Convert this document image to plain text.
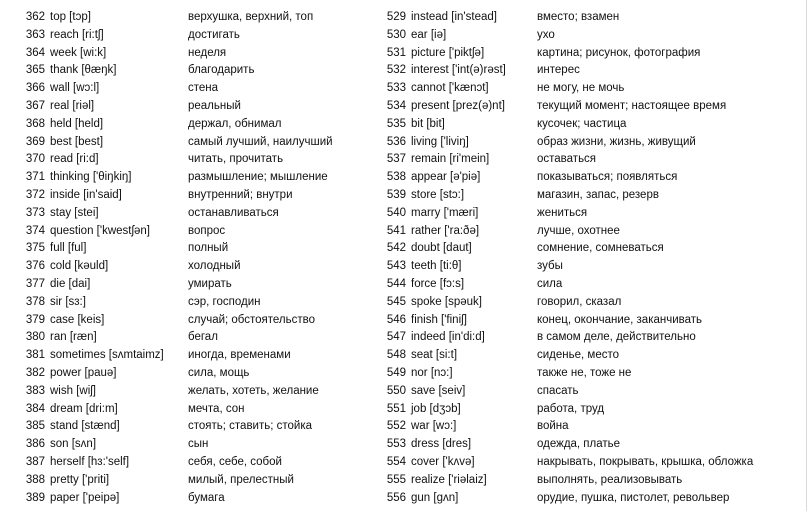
362 top [tɔp]	верхушка, верхний, топ
363 reach [ri:tʃ]	достигать
364 week [wi:k]	неделя
365 thank [θæŋk]	благодарить
366 wall [wɔ:l]	стена
367 real [riəl]	реальный
368 held [held]	держал, обнимал
369 best [best]	самый лучший, наилучший
370 read [ri:d]	читать, прочитать
371 thinking ['θiŋkiŋ]	размышление; мышление
372 inside [in'said]	внутренний; внутри
373 stay [stei]	останавливаться
374 question ['kwestʃən]	вопрос
375 full [ful]	полный
376 cold [kəuld]	холодный
377 die [dai]	умирать
378 sir [sɜ:]	сэр, господин
379 case [keis]	случай; обстоятельство
380 ran [ræn]	бегал
381 sometimes [sʌmtaimz] иногда, временами
382 power [pauə]	сила, мощь
383 wish [wiʃ]	желать, хотеть, желание
384 dream [dri:m]	мечта, сон
385 stand [stænd]	стоять; ставить; стойка
386 son [sʌn]	сын
387 herself [hɜ:'self]	себя, себе, собой
388 pretty ['priti]	милый, прелестный
389 paper ['peipə]	бумага
529 instead [in'stead]	вместо; взамен
530 ear [iə]	ухо
531 picture ['piktʃə]	картина; рисунок, фотография
532 interest ['int(ə)rəst]	интерес
533 cannot ['kænɔt]	не могу, не мочь
534 present [prez(ə)nt]	текущий момент; настоящее время
535 bit [bit]	кусочек; частица
536 living ['liviŋ]	образ жизни, жизнь, живущий
537 remain [ri'mein]	оставаться
538 appear [ə'piə]	показываться; появляться
539 store [stɔ:]	магазин, запас, резерв
540 marry ['mæri]	жениться
541 rather ['ra:ðə]	лучше, охотнее
542 doubt [daut]	сомнение, сомневаться
543 teeth [ti:θ]	зубы
544 force [fɔ:s]	сила
545 spoke [spəuk]	говорил, сказал
546 finish ['finiʃ]	конец, окончание, заканчивать
547 indeed [in'di:d]	в самом деле, действительно
548 seat [si:t]	сиденье, место
549 nor [nɔ:]	также не, тоже не
550 save [seiv]	спасать
551 job [dʒɔb]	работа, труд
552 war [wɔ:]	война
553 dress [dres]	одежда, платье
554 cover ['kʌvə]	накрывать, покрывать, крышка, обложка
555 realize ['riəlaiz]	выполнять, реализовывать
556 gun [gʌn]	орудие, пушка, пистолет, револьвер
